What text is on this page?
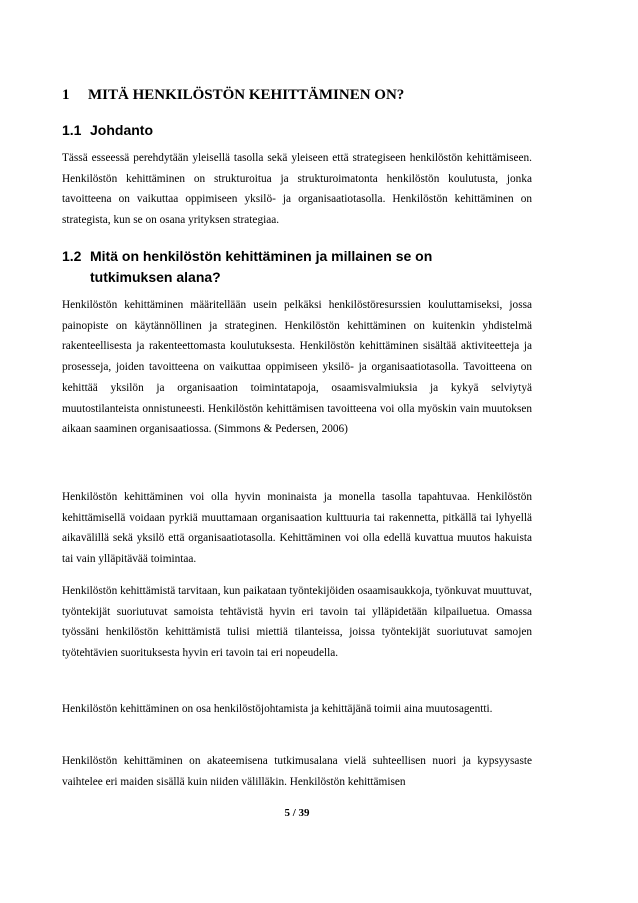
1 MITÄ HENKILÖSTÖN KEHITTÄMINEN ON?
1.1 Johdanto

Tässä esseessä perehdytään yleisellä tasolla sekä yleiseen että strategiseen henkilöstön kehittämiseen. Henkilöstön kehittäminen on strukturoitua ja strukturoimatonta henkilöstön koulutusta, jonka tavoitteena on vaikuttaa oppimiseen yksilö- ja organisaatiotasolla. Henkilöstön kehittäminen on strategista, kun se on osana yrityksen strategiaa.

1.2 Mitä on henkilöstön kehittäminen ja millainen se on tutkimuksen alana?

Henkilöstön kehittäminen määritellään usein pelkäksi henkilöstöresurssien kouluttamiseksi, jossa painopiste on käytännöllinen ja strateginen. Henkilöstön kehittäminen on kuitenkin yhdistelmä rakenteellisesta ja rakenteettomasta koulutuksesta. Henkilöstön kehittäminen sisältää aktiviteetteja ja prosesseja, joiden tavoitteena on vaikuttaa oppimiseen yksilö- ja organisaatiotasolla. Tavoitteena on kehittää yksilön ja organisaation toimintatapoja, osaamisvalmiuksia ja kykyä selviytyä muutostilanteista onnistuneesti. Henkilöstön kehittämisen tavoitteena voi olla myöskin vain muutoksen aikaan saaminen organisaatiossa. (Simmons & Pedersen, 2006)

Henkilöstön kehittäminen voi olla hyvin moninaista ja monella tasolla tapahtuvaa. Henkilöstön kehittämisellä voidaan pyrkiä muuttamaan organisaation kulttuuria tai rakennetta, pitkällä tai lyhyellä aikavälillä sekä yksilö että organisaatiotasolla. Kehittäminen voi olla edellä kuvattua muutos hakuista tai vain ylläpitävää toimintaa.

Henkilöstön kehittämistä tarvitaan, kun paikataan työntekijöiden osaamisaukkoja, työnkuvat muuttuvat, työntekijät suoriutuvat samoista tehtävistä hyvin eri tavoin tai ylläpidetään kilpailuetua. Omassa työssäni henkilöstön kehittämistä tulisi miettiä tilanteissa, joissa työntekijät suoriutuvat samojen työtehtävien suorituksesta hyvin eri tavoin tai eri nopeudella.

Henkilöstön kehittäminen on osa henkilöstöjohtamista ja kehittäjänä toimii aina muutosagentti.

Henkilöstön kehittäminen on akateemisena tutkimusalana vielä suhteellisen nuori ja kypsyysaste vaihtelee eri maiden sisällä kuin niiden välilläkin. Henkilöstön kehittämisen

5 / 39
